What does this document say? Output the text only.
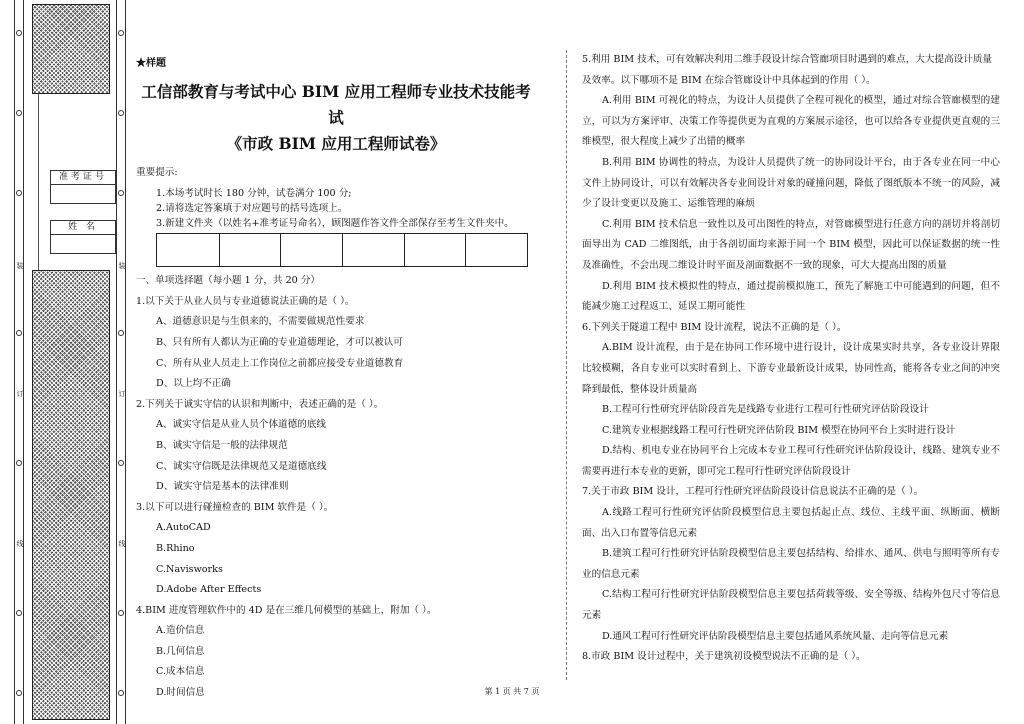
装
订
线
准考证号
姓 名
装
订
线
★样题
工信部教育与考试中心 BIM 应用工程师专业技术技能考试
《市政 BIM 应用工程师试卷》
重要提示:
1.本场考试时长 180 分钟，试卷满分 100 分;
2.请将选定答案填于对应题号的括号选项上。
3.新建文件夹（以姓名+准考证号命名），顾图题作答文件全部保存至考生文件夹中。
一、单项选择题（每小题 1 分，共 20 分）
1.以下关于从业人员与专业道德说法正确的是（ ）。
A、道德意识是与生俱来的，不需要做规范性要求
B、只有所有人都认为正确的专业道德理论，才可以被认可
C、所有从业人员走上工作岗位之前都应接受专业道德教育
D、以上均不正确
2.下列关于诚实守信的认识和判断中，表述正确的是（ ）。
A、诚实守信是从业人员个体道德的底线
B、诚实守信是一般的法律规范
C、诚实守信既是法律规范又是道德底线
D、诚实守信是基本的法律准则
3.以下可以进行碰撞检查的 BIM 软件是（ ）。
A.AutoCAD
B.Rhino
C.Navisworks
D.Adobe After Effects
4.BIM 进度管理软件中的 4D 是在三维几何模型的基础上，附加（ ）。
A.造价信息
B.几何信息
C.成本信息
D.时间信息
5.利用 BIM 技术，可有效解决利用二维手段设计综合管廊项目时遇到的难点，大大提高设计质量及效率。以下哪项不是 BIM 在综合管廊设计中具体起到的作用（ ）。
A.利用 BIM 可视化的特点，为设计人员提供了全程可视化的模型，通过对综合管廊模型的建立，可以为方案评审、决策工作等提供更为直观的方案展示途径，也可以给各专业提供更直观的三维模型，很大程度上减少了出错的概率
B.利用 BIM 协调性的特点，为设计人员提供了统一的协同设计平台，由于各专业在同一中心文件上协同设计，可以有效解决各专业间设计对象的碰撞问题，降低了图纸版本不统一的风险，减少了设计变更以及施工、运维管理的麻烦
C.利用 BIM 技术信息一致性以及可出图性的特点，对管廊模型进行任意方向的剖切并将剖切面导出为 CAD 二维图纸，由于各剖切面均来源于同一个 BIM 模型，因此可以保证数据的统一性及准确性，不会出现二维设计时平面及剖面数据不一致的现象，可大大提高出图的质量
D.利用 BIM 技术模拟性的特点，通过提前模拟施工，预先了解施工中可能遇到的问题，但不能减少施工过程返工、延误工期可能性
6.下列关于隧道工程中 BIM 设计流程，说法不正确的是（ ）。
A.BIM 设计流程，由于是在协同工作环境中进行设计，设计成果实时共享，各专业设计界限比较模糊，各自专业可以实时看到上、下游专业最新设计成果，协同性高，能将各专业之间的冲突降到最低，整体设计质量高
B.工程可行性研究评估阶段首先是线路专业进行工程可行性研究评估阶段设计
C.建筑专业根据线路工程可行性研究评估阶段 BIM 模型在协同平台上实时进行设计
D.结构、机电专业在协同平台上完成本专业工程可行性研究评估阶段设计，线路、建筑专业不需要再进行本专业的更新，即可完工程可行性研究评估阶段设计
7.关于市政 BIM 设计，工程可行性研究评估阶段设计信息说法不正确的是（ ）。
A.线路工程可行性研究评估阶段模型信息主要包括起止点、线位、主线平面、纵断面、横断面、出入口布置等信息元素
B.建筑工程可行性研究评估阶段模型信息主要包括结构、给排水、通风、供电与照明等所有专业的信息元素
C.结构工程可行性研究评估阶段模型信息主要包括荷载等级、安全等级、结构外包尺寸等信息元素
D.通风工程可行性研究评估阶段模型信息主要包括通风系统风量、走向等信息元素
8.市政 BIM 设计过程中，关于建筑初设模型说法不正确的是（ ）。
第 1 页 共 7 页
